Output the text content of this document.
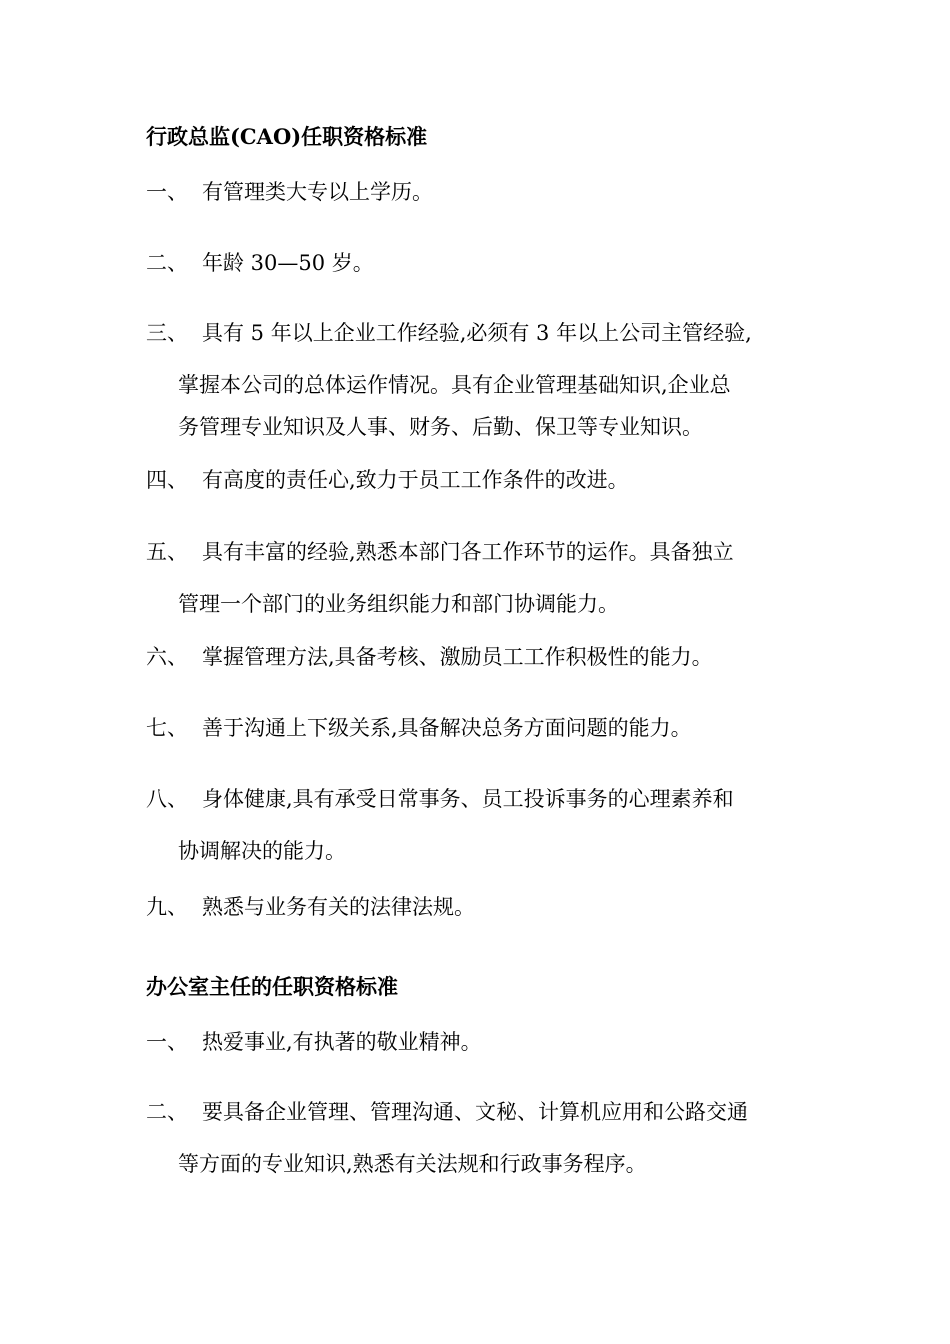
行政总监(CAO)任职资格标准
一、 有管理类大专以上学历。
二、 年龄 30—50 岁。
三、 具有 5 年以上企业工作经验,必须有 3 年以上公司主管经验,
掌握本公司的总体运作情况。具有企业管理基础知识,企业总
务管理专业知识及人事、财务、后勤、保卫等专业知识。
四、 有高度的责任心,致力于员工工作条件的改进。
五、 具有丰富的经验,熟悉本部门各工作环节的运作。具备独立
管理一个部门的业务组织能力和部门协调能力。
六、 掌握管理方法,具备考核、激励员工工作积极性的能力。
七、 善于沟通上下级关系,具备解决总务方面问题的能力。
八、 身体健康,具有承受日常事务、员工投诉事务的心理素养和
协调解决的能力。
九、 熟悉与业务有关的法律法规。
办公室主任的任职资格标准
一、 热爱事业,有执著的敬业精神。
二、 要具备企业管理、管理沟通、文秘、计算机应用和公路交通
等方面的专业知识,熟悉有关法规和行政事务程序。
